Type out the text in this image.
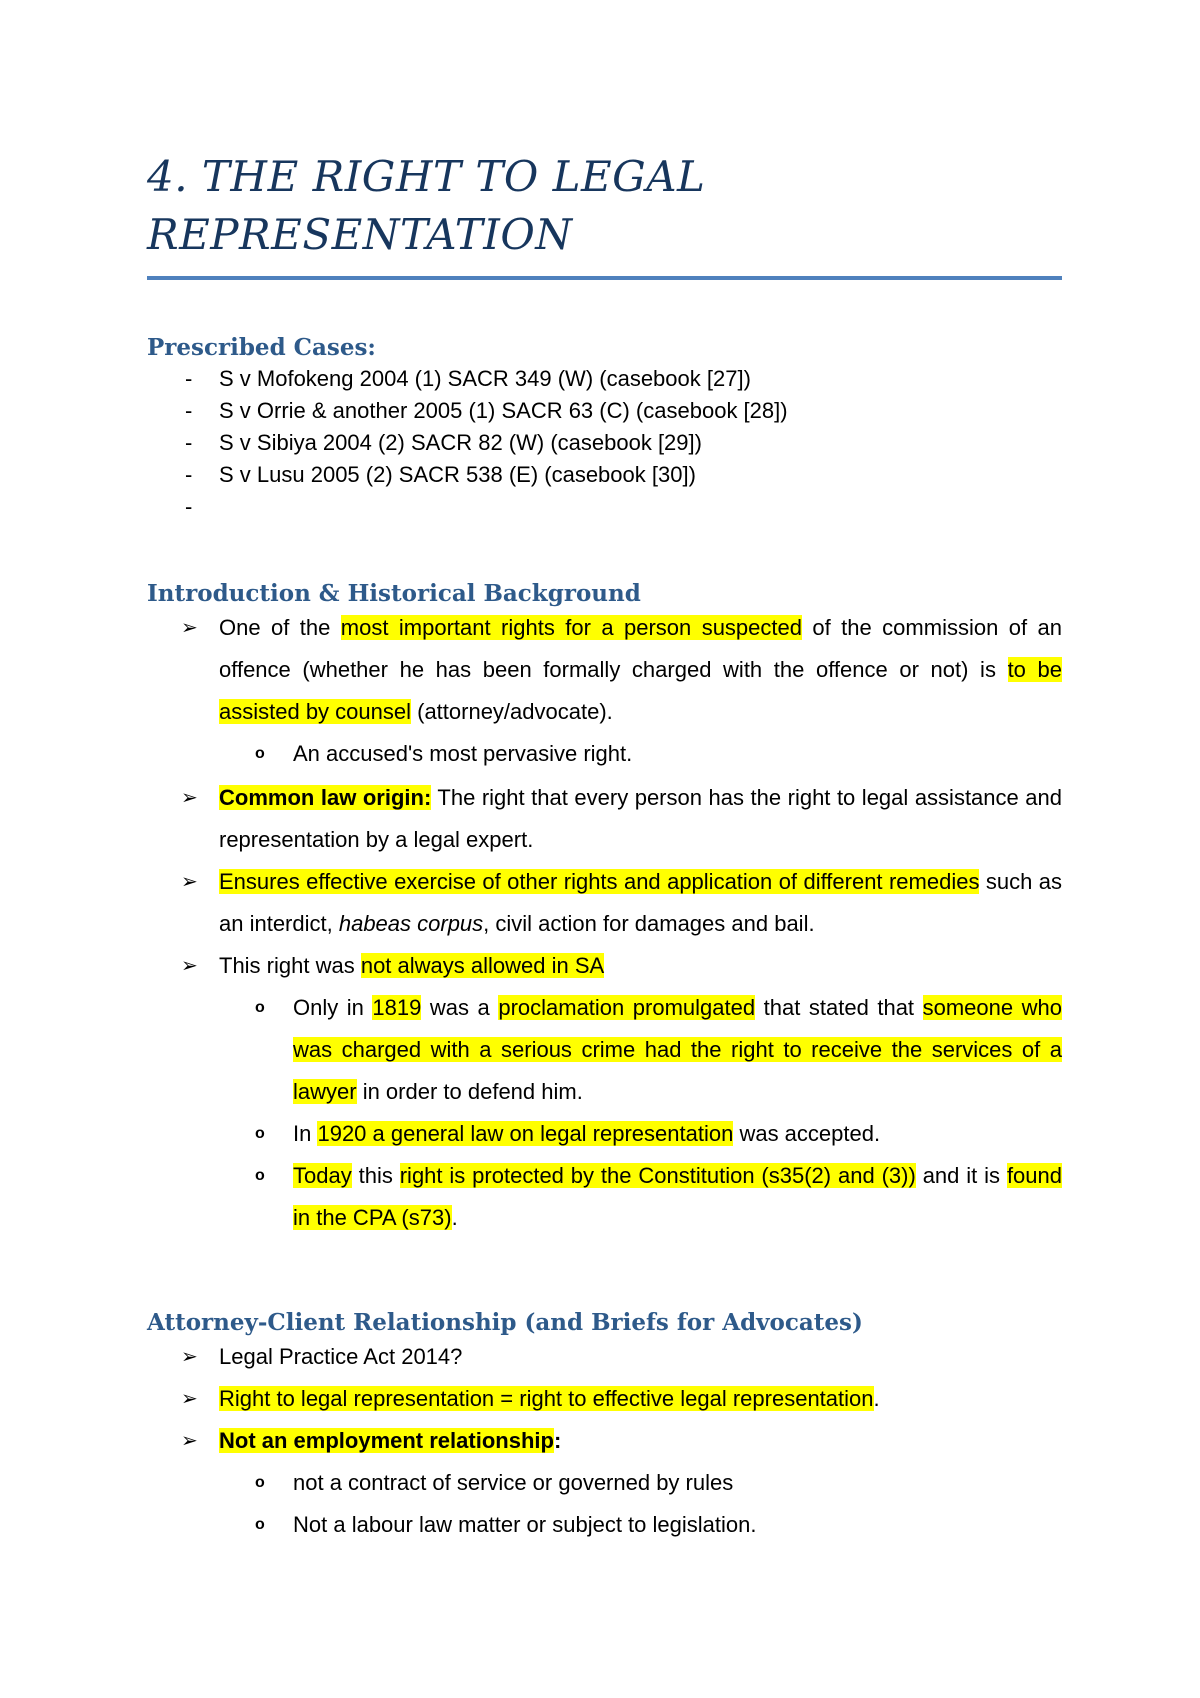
4. THE RIGHT TO LEGAL
REPRESENTATION
Prescribed Cases:
- S v Mofokeng 2004 (1) SACR 349 (W) (casebook [27])
- S v Orrie & another 2005 (1) SACR 63 (C) (casebook [28])
- S v Sibiya 2004 (2) SACR 82 (W) (casebook [29])
- S v Lusu 2005 (2) SACR 538 (E) (casebook [30])
-
Introduction & Historical Background
➢ One of the most important rights for a person suspected of the commission of an offence (whether he has been formally charged with the offence or not) is to be assisted by counsel (attorney/advocate).
o An accused's most pervasive right.
➢ Common law origin: The right that every person has the right to legal assistance and representation by a legal expert.
➢ Ensures effective exercise of other rights and application of different remedies such as an interdict, habeas corpus, civil action for damages and bail.
➢ This right was not always allowed in SA
o Only in 1819 was a proclamation promulgated that stated that someone who was charged with a serious crime had the right to receive the services of a lawyer in order to defend him.
o In 1920 a general law on legal representation was accepted.
o Today this right is protected by the Constitution (s35(2) and (3)) and it is found in the CPA (s73).
Attorney-Client Relationship (and Briefs for Advocates)
➢ Legal Practice Act 2014?
➢ Right to legal representation = right to effective legal representation.
➢ Not an employment relationship:
o not a contract of service or governed by rules
o Not a labour law matter or subject to legislation.
